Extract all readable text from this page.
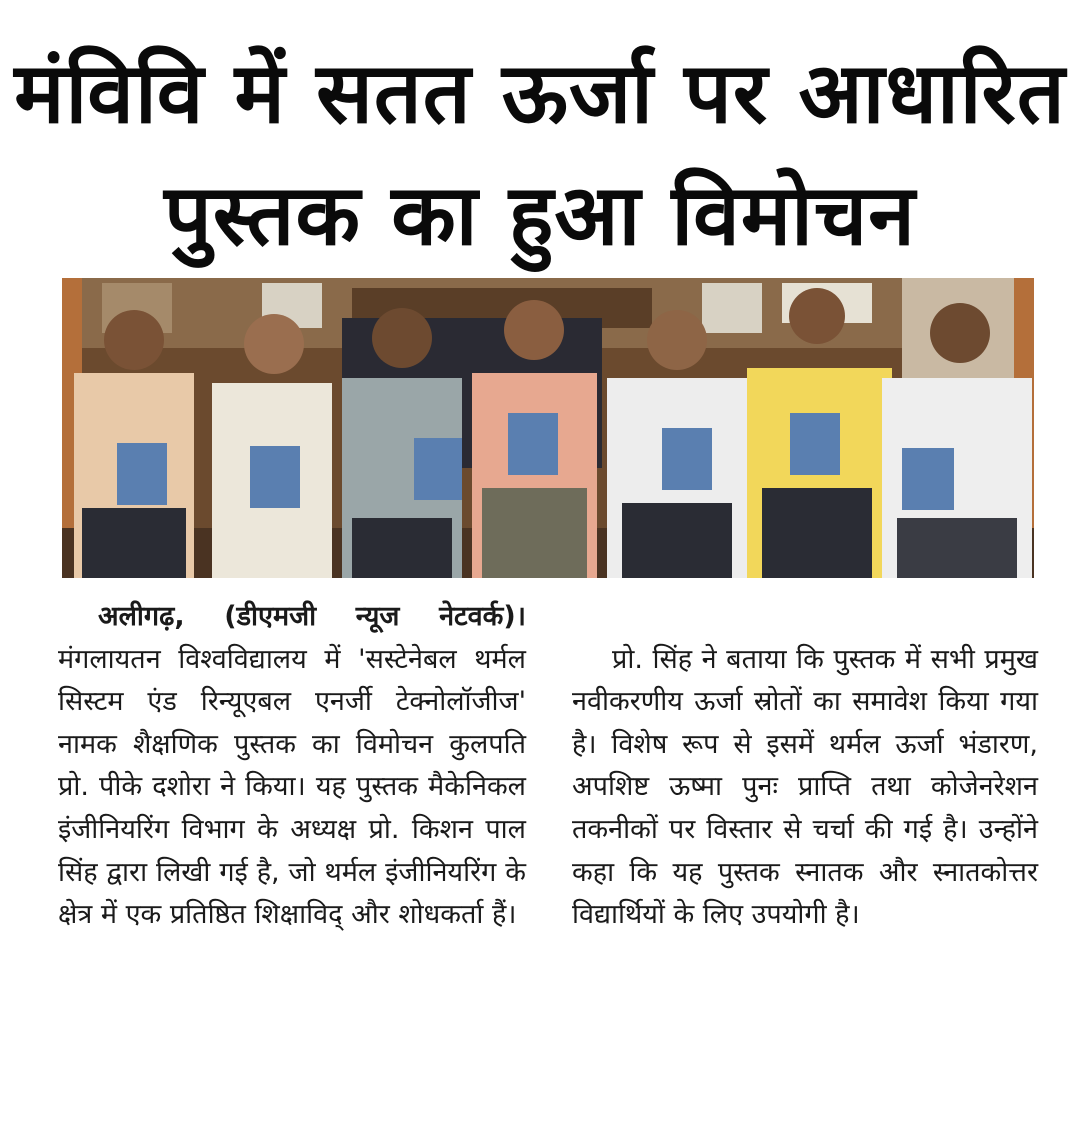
मंविवि में सतत ऊर्जा पर आधारित
पुस्तक का हुआ विमोचन

अलीगढ़, (डीएमजी न्यूज नेटवर्क)। मंगलायतन विश्वविद्यालय में 'सस्टेनेबल थर्मल सिस्टम एंड रिन्यूएबल एनर्जी टेक्नोलॉजीज' नामक शैक्षणिक पुस्तक का विमोचन कुलपति प्रो. पीके दशोरा ने किया। यह पुस्तक मैकेनिकल इंजीनियरिंग विभाग के अध्यक्ष प्रो. किशन पाल सिंह द्वारा लिखी गई है, जो थर्मल इंजीनियरिंग के क्षेत्र में एक प्रतिष्ठित शिक्षाविद् और शोधकर्ता हैं।

प्रो. सिंह ने बताया कि पुस्तक में सभी प्रमुख नवीकरणीय ऊर्जा स्रोतों का समावेश किया गया है। विशेष रूप से इसमें थर्मल ऊर्जा भंडारण, अपशिष्ट ऊष्मा पुनः प्राप्ति तथा कोजेनरेशन तकनीकों पर विस्तार से चर्चा की गई है। उन्होंने कहा कि यह पुस्तक स्नातक और स्नातकोत्तर विद्यार्थियों के लिए उपयोगी है।
